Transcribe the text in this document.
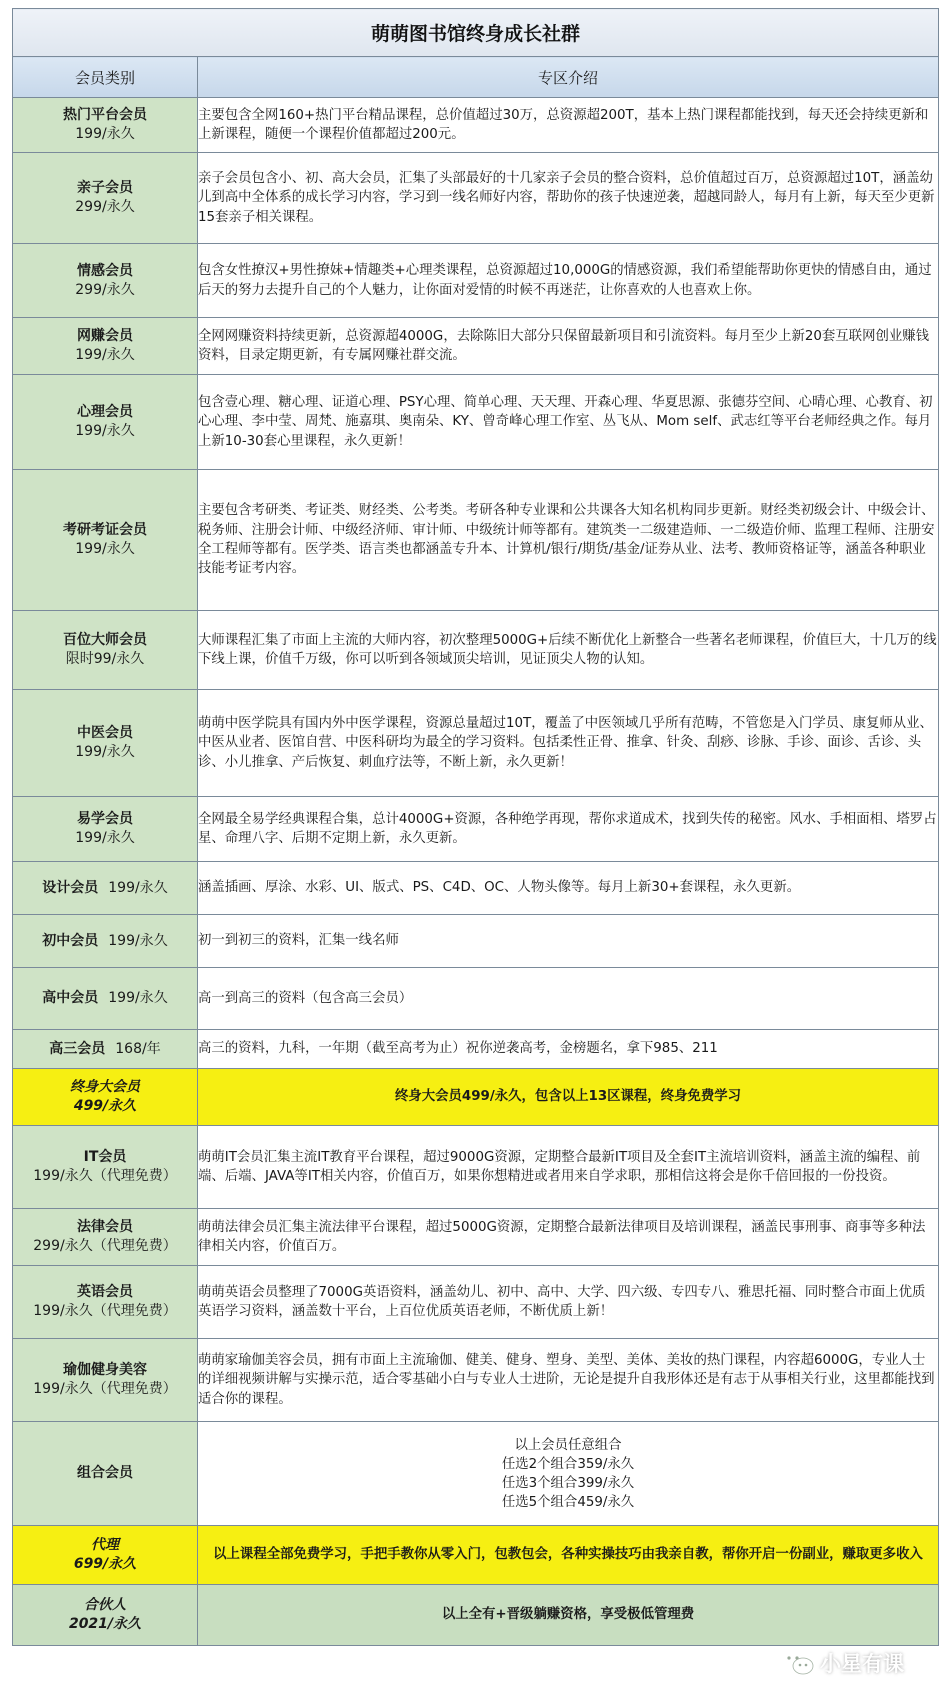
萌萌图书馆终身成长社群	
会员类别	专区介绍

热门平台会员
199/永久	主要包含全网160+热门平台精品课程，总价值超过30万，总资源超200T，基本上热门课程都能找到，每天还会持续更新和上新课程，随便一个课程价值都超过200元。

亲子会员
299/永久	亲子会员包含小、初、高大会员，汇集了头部最好的十几家亲子会员的整合资料，总价值超过百万，总资源超过10T，涵盖幼儿到高中全体系的成长学习内容，学习到一线名师好内容，帮助你的孩子快速逆袭，超越同龄人，每月有上新，每天至少更新15套亲子相关课程。

情感会员
299/永久	包含女性撩汉+男性撩妹+情趣类+心理类课程，总资源超过10,000G的情感资源，我们希望能帮助你更快的情感自由，通过后天的努力去提升自己的个人魅力，让你面对爱情的时候不再迷茫，让你喜欢的人也喜欢上你。

网赚会员
199/永久	全网网赚资料持续更新，总资源超4000G，去除陈旧大部分只保留最新项目和引流资料。每月至少上新20套互联网创业赚钱资料，目录定期更新，有专属网赚社群交流。

心理会员
199/永久	包含壹心理、糖心理、证道心理、PSY心理、简单心理、天天理、开森心理、华夏思源、张德芬空间、心晴心理、心教育、初心心理、李中莹、周梵、施嘉琪、奥南朵、KY、曾奇峰心理工作室、丛飞从、Mom self、武志红等平台老师经典之作。每月上新10-30套心里课程，永久更新！

考研考证会员
199/永久	主要包含考研类、考证类、财经类、公考类。考研各种专业课和公共课各大知名机构同步更新。财经类初级会计、中级会计、税务师、注册会计师、中级经济师、审计师、中级统计师等都有。建筑类一二级建造师、一二级造价师、监理工程师、注册安全工程师等都有。医学类、语言类也都涵盖专升本、计算机/银行/期货/基金/证券从业、法考、教师资格证等，涵盖各种职业技能考证考内容。

百位大师会员
限时99/永久	大师课程汇集了市面上主流的大师内容，初次整理5000G+后续不断优化上新整合一些著名老师课程，价值巨大，十几万的线下线上课，价值千万级，你可以听到各领域顶尖培训，见证顶尖人物的认知。

中医会员
199/永久	萌萌中医学院具有国内外中医学课程，资源总量超过10T，覆盖了中医领域几乎所有范畴，不管您是入门学员、康复师从业、中医从业者、医馆自营、中医科研均为最全的学习资料。包括柔性正骨、推拿、针灸、刮痧、诊脉、手诊、面诊、舌诊、头诊、小儿推拿、产后恢复、刺血疗法等，不断上新，永久更新！

易学会员
199/永久	全网最全易学经典课程合集，总计4000G+资源，各种绝学再现，帮你求道成术，找到失传的秘密。风水、手相面相、塔罗占星、命理八字、后期不定期上新，永久更新。
设计会员 199/永久	涵盖插画、厚涂、水彩、UI、版式、PS、C4D、OC、人物头像等。每月上新30+套课程，永久更新。
初中会员 199/永久	初一到初三的资料，汇集一线名师
高中会员 199/永久	高一到高三的资料（包含高三会员）
高三会员 168/年	高三的资料，九科，一年期（截至高考为止）祝你逆袭高考，金榜题名，拿下985、211

终身大会员
499/永久	终身大会员499/永久，包含以上13区课程，终身免费学习

IT会员
199/永久（代理免费）	萌萌IT会员汇集主流IT教育平台课程，超过9000G资源，定期整合最新IT项目及全套IT主流培训资料，涵盖主流的编程、前端、后端、JAVA等IT相关内容，价值百万，如果你想精进或者用来自学求职，那相信这将会是你千倍回报的一份投资。

法律会员
299/永久（代理免费）	萌萌法律会员汇集主流法律平台课程，超过5000G资源，定期整合最新法律项目及培训课程，涵盖民事刑事、商事等多种法律相关内容，价值百万。

英语会员
199/永久（代理免费）	萌萌英语会员整理了7000G英语资料，涵盖幼儿、初中、高中、大学、四六级、专四专八、雅思托福、同时整合市面上优质英语学习资料，涵盖数十平台，上百位优质英语老师，不断优质上新！

瑜伽健身美容
199/永久（代理免费）	萌萌家瑜伽美容会员，拥有市面上主流瑜伽、健美、健身、塑身、美型、美体、美妆的热门课程，内容超6000G，专业人士的详细视频讲解与实操示范，适合零基础小白与专业人士进阶，无论是提升自我形体还是有志于从事相关行业，这里都能找到适合你的课程。

组合会员	以上会员任意组合
任选2个组合359/永久
任选3个组合399/永久
任选5个组合459/永久

代理
699/永久	以上课程全部免费学习，手把手教你从零入门，包教包会，各种实操技巧由我亲自教，帮你开启一份副业，赚取更多收入

合伙人
2021/永久	以上全有+晋级躺赚资格，享受极低管理费
小星有课
